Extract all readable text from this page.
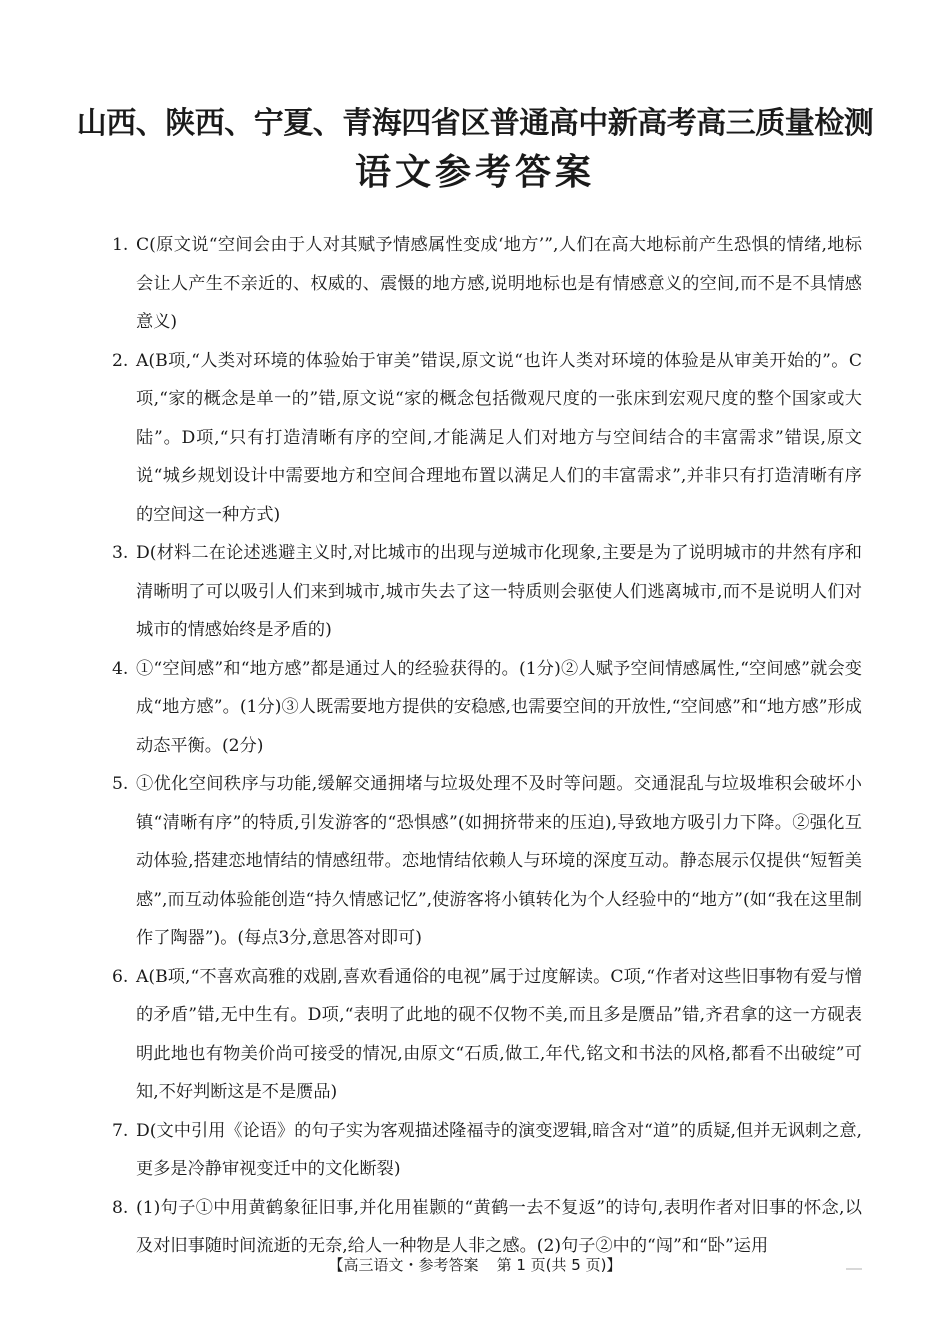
山西、陕西、宁夏、青海四省区普通高中新高考高三质量检测
语文参考答案

1. C(原文说“空间会由于人对其赋予情感属性变成‘地方’”,人们在高大地标前产生恐惧的情绪,地标会让人产生不亲近的、权威的、震慑的地方感,说明地标也是有情感意义的空间,而不是不具情感意义)

2. A(B项,“人类对环境的体验始于审美”错误,原文说“也许人类对环境的体验是从审美开始的”。C项,“家的概念是单一的”错,原文说“家的概念包括微观尺度的一张床到宏观尺度的整个国家或大陆”。D项,“只有打造清晰有序的空间,才能满足人们对地方与空间结合的丰富需求”错误,原文说“城乡规划设计中需要地方和空间合理地布置以满足人们的丰富需求”,并非只有打造清晰有序的空间这一种方式)

3. D(材料二在论述逃避主义时,对比城市的出现与逆城市化现象,主要是为了说明城市的井然有序和清晰明了可以吸引人们来到城市,城市失去了这一特质则会驱使人们逃离城市,而不是说明人们对城市的情感始终是矛盾的)

4. ①“空间感”和“地方感”都是通过人的经验获得的。(1分)②人赋予空间情感属性,“空间感”就会变成“地方感”。(1分)③人既需要地方提供的安稳感,也需要空间的开放性,“空间感”和“地方感”形成动态平衡。(2分)

5. ①优化空间秩序与功能,缓解交通拥堵与垃圾处理不及时等问题。交通混乱与垃圾堆积会破坏小镇“清晰有序”的特质,引发游客的“恐惧感”(如拥挤带来的压迫),导致地方吸引力下降。②强化互动体验,搭建恋地情结的情感纽带。恋地情结依赖人与环境的深度互动。静态展示仅提供“短暂美感”,而互动体验能创造“持久情感记忆”,使游客将小镇转化为个人经验中的“地方”(如“我在这里制作了陶器”)。(每点3分,意思答对即可)

6. A(B项,“不喜欢高雅的戏剧,喜欢看通俗的电视”属于过度解读。C项,“作者对这些旧事物有爱与憎的矛盾”错,无中生有。D项,“表明了此地的砚不仅物不美,而且多是赝品”错,齐君拿的这一方砚表明此地也有物美价尚可接受的情况,由原文“石质,做工,年代,铭文和书法的风格,都看不出破绽”可知,不好判断这是不是赝品)

7. D(文中引用《论语》的句子实为客观描述隆福寺的演变逻辑,暗含对“道”的质疑,但并无讽刺之意,更多是冷静审视变迁中的文化断裂)

8. (1)句子①中用黄鹤象征旧事,并化用崔颢的“黄鹤一去不复返”的诗句,表明作者对旧事的怀念,以及对旧事随时间流逝的无奈,给人一种物是人非之感。(2)句子②中的“闯”和“卧”运用

【高三语文・参考答案 第 1 页(共 5 页)】
